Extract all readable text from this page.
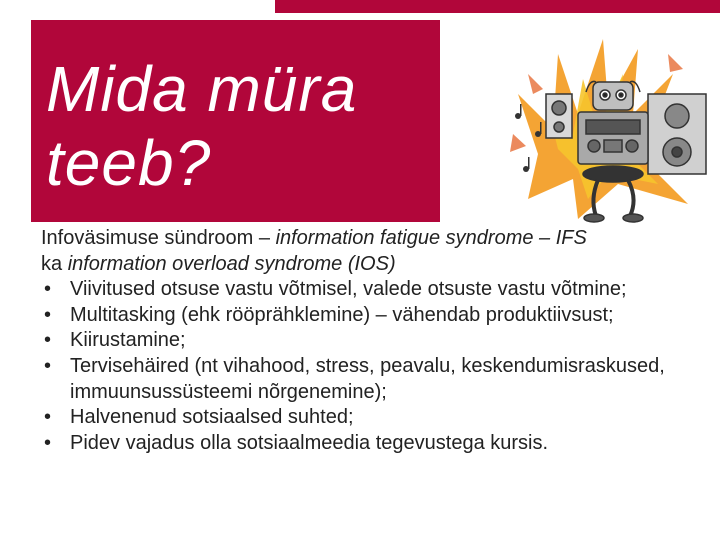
Mida müra
teeb?
Infoväsimuse sündroom – information fatigue syndrome – IFS
ka information overload syndrome (IOS)
• Viivitused otsuse vastu võtmisel, valede otsuste vastu võtmine;
• Multitasking (ehk rööprähklemine) – vähendab produktiivsust;
• Kiirustamine;
• Tervisehäired (nt vihahood, stress, peavalu, keskendumisraskused, immuunsussüsteemi nõrgenemine);
• Halvenenud sotsiaalsed suhted;
• Pidev vajadus olla sotsiaalmeedia tegevustega kursis.
